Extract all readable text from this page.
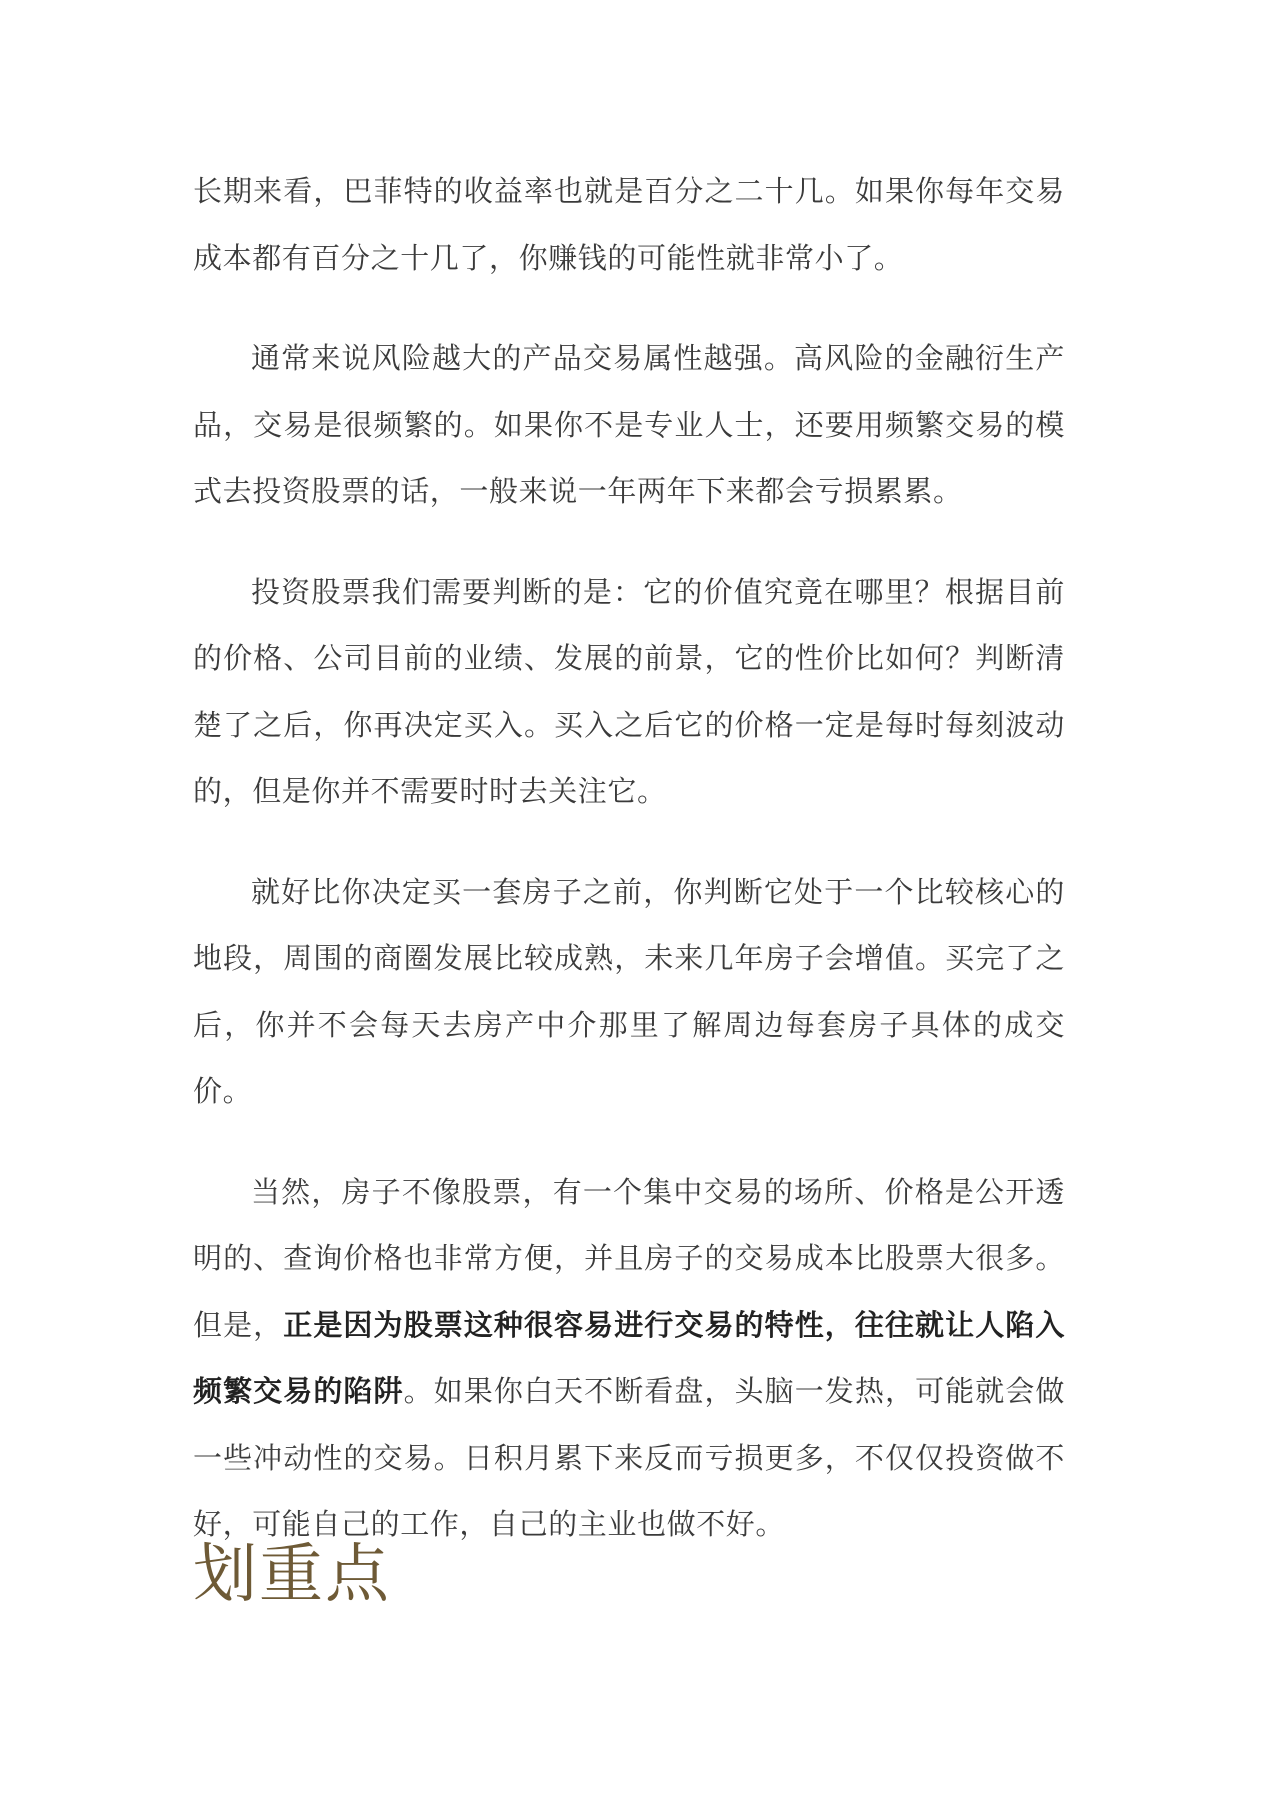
长期来看，巴菲特的收益率也就是百分之二十几。如果你每年交易成本都有百分之十几了，你赚钱的可能性就非常小了。

通常来说风险越大的产品交易属性越强。高风险的金融衍生产品，交易是很频繁的。如果你不是专业人士，还要用频繁交易的模式去投资股票的话，一般来说一年两年下来都会亏损累累。

投资股票我们需要判断的是：它的价值究竟在哪里？根据目前的价格、公司目前的业绩、发展的前景，它的性价比如何？判断清楚了之后，你再决定买入。买入之后它的价格一定是每时每刻波动的，但是你并不需要时时去关注它。

就好比你决定买一套房子之前，你判断它处于一个比较核心的地段，周围的商圈发展比较成熟，未来几年房子会增值。买完了之后，你并不会每天去房产中介那里了解周边每套房子具体的成交价。

当然，房子不像股票，有一个集中交易的场所、价格是公开透明的、查询价格也非常方便，并且房子的交易成本比股票大很多。但是，正是因为股票这种很容易进行交易的特性，往往就让人陷入频繁交易的陷阱。如果你白天不断看盘，头脑一发热，可能就会做一些冲动性的交易。日积月累下来反而亏损更多，不仅仅投资做不好，可能自己的工作，自己的主业也做不好。

划重点
